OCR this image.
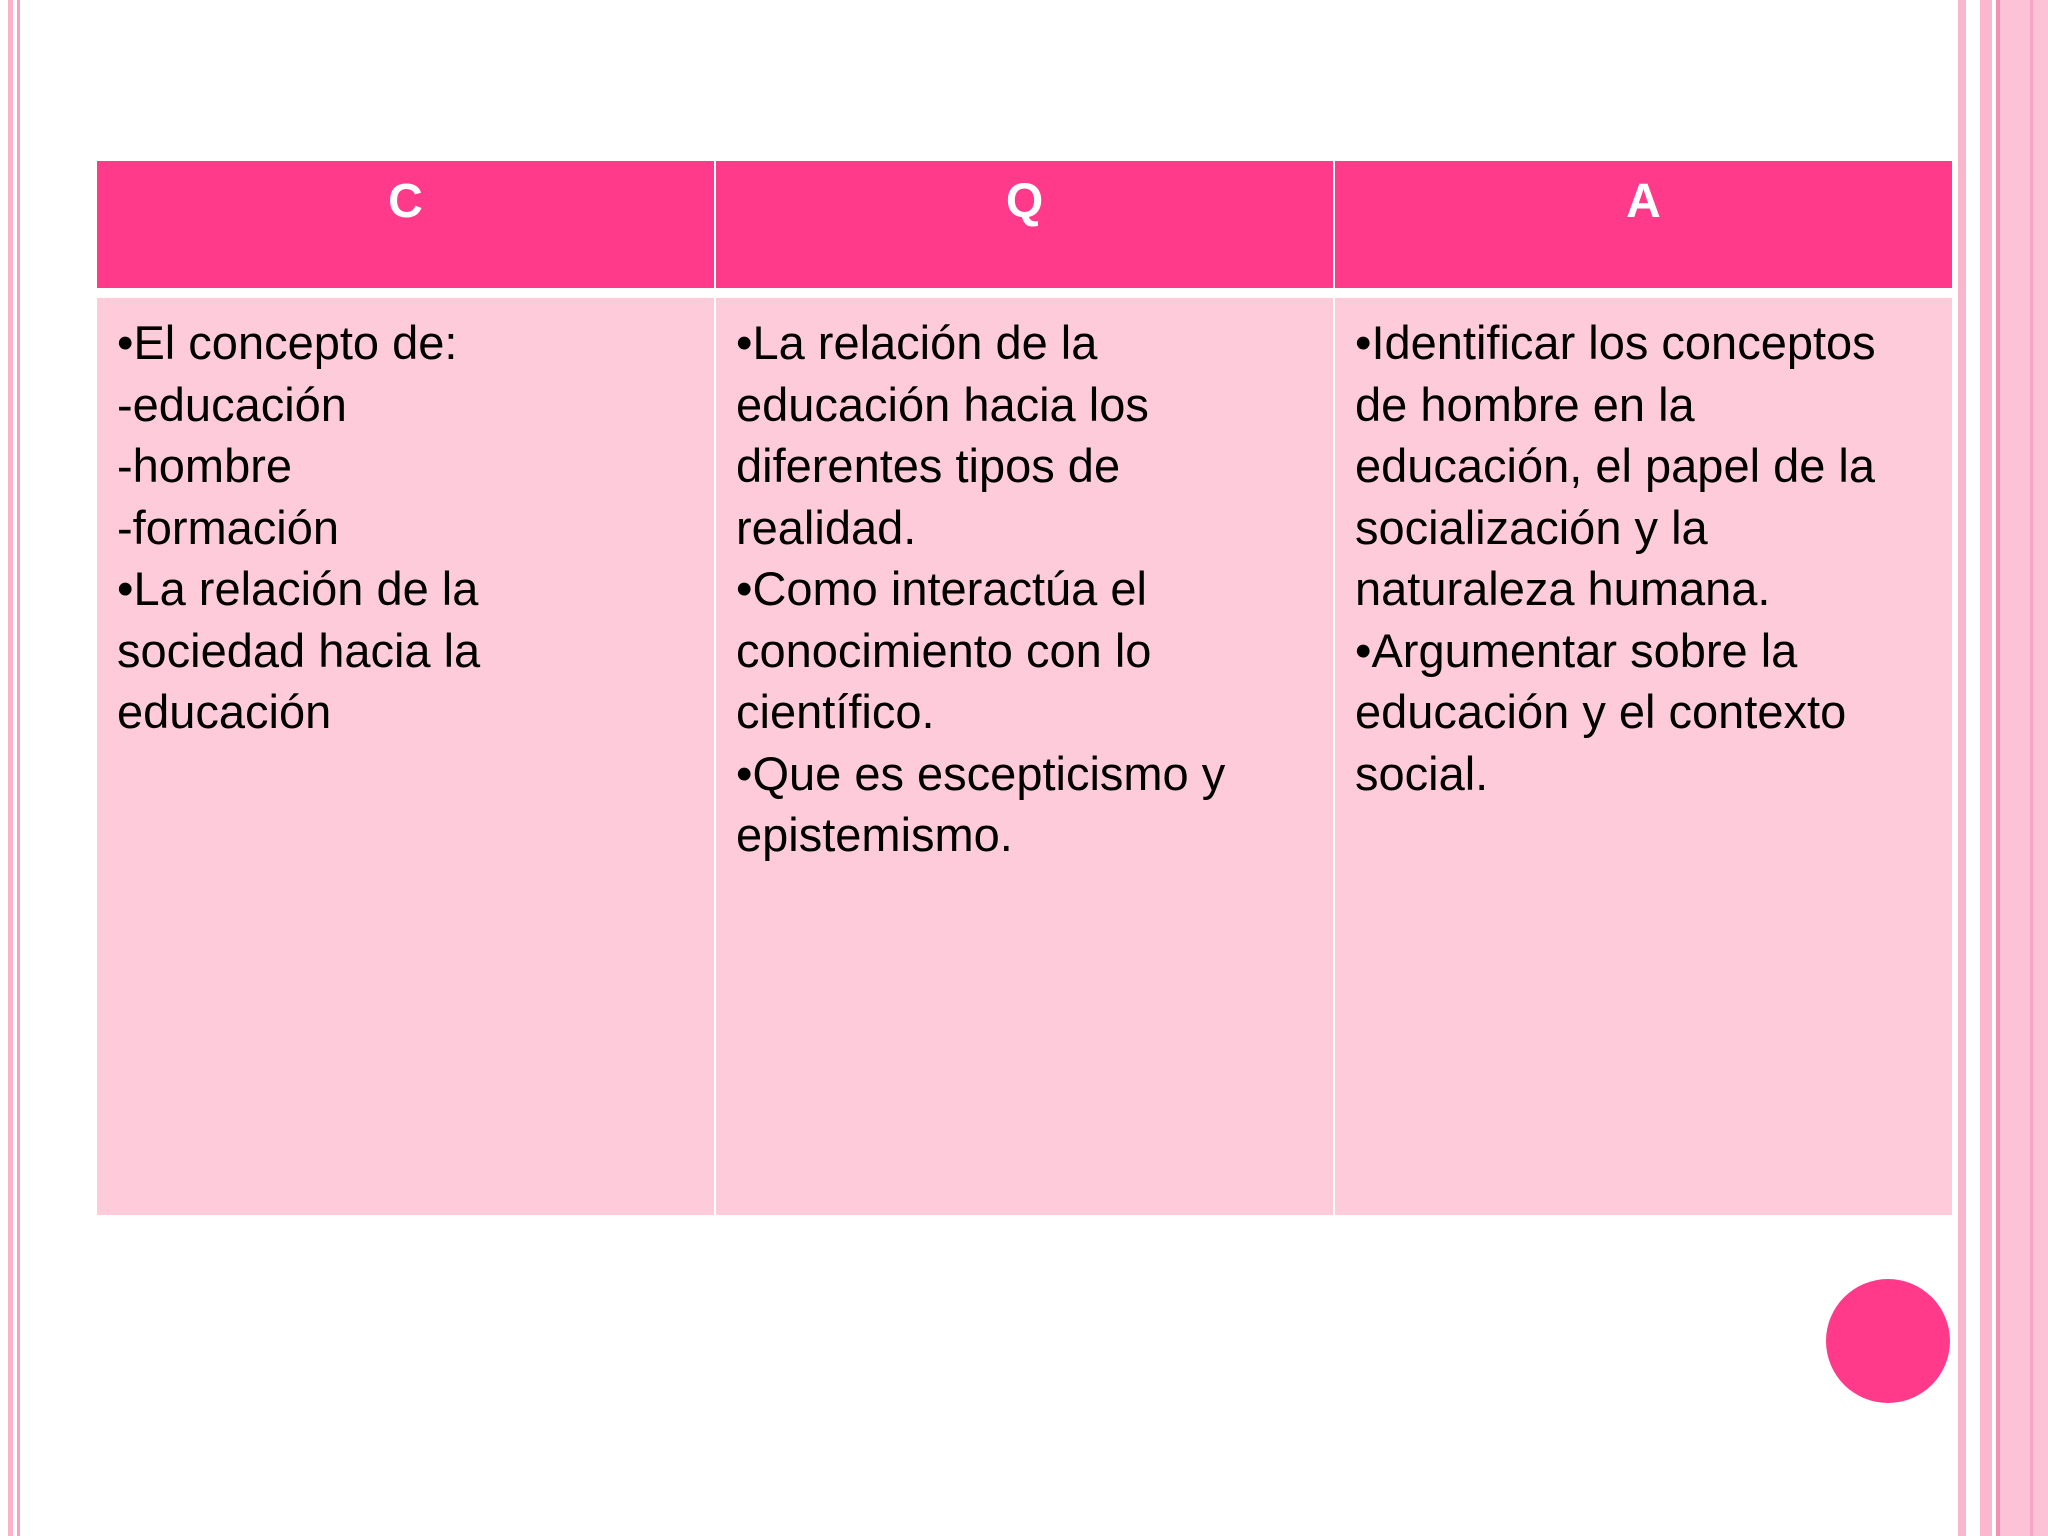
C	Q	A
•El concepto de:
-educación
-hombre
-formación
•La relación de la
sociedad hacia la
educación
•La relación de la
educación hacia los
diferentes tipos de
realidad.
•Como interactúa el
conocimiento con lo
científico.
•Que es escepticismo y
epistemismo.
•Identificar los conceptos
de hombre en la
educación, el papel de la
socialización y la
naturaleza humana.
•Argumentar sobre la
educación y el contexto
social.
